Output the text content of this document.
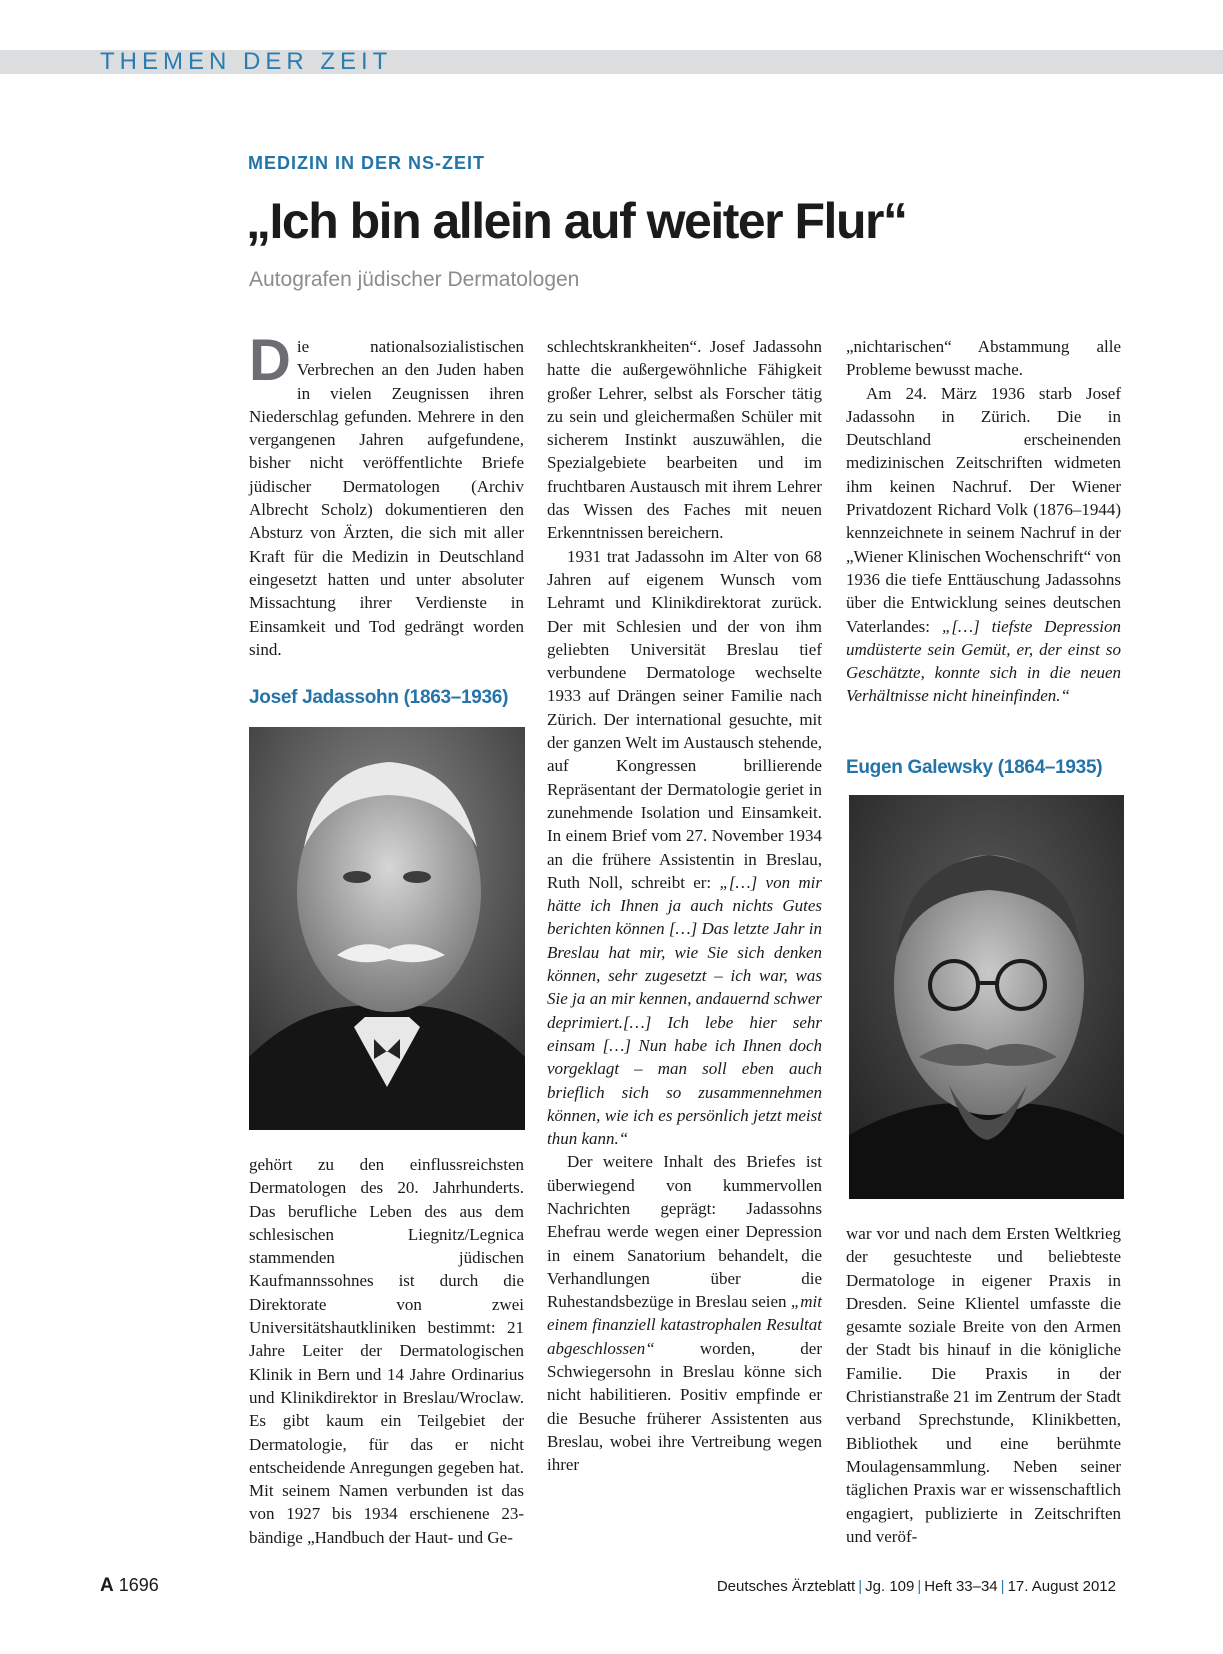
THEMEN DER ZEIT
MEDIZIN IN DER NS-ZEIT
„Ich bin allein auf weiter Flur“
Autografen jüdischer Dermatologen

Die nationalsozialistischen Verbrechen an den Juden haben in vielen Zeugnissen ihren Niederschlag gefunden. Mehrere in den vergangenen Jahren aufgefundene, bisher nicht veröffentlichte Briefe jüdischer Dermatologen (Archiv Albrecht Scholz) dokumentieren den Absturz von Ärzten, die sich mit aller Kraft für die Medizin in Deutschland eingesetzt hatten und unter absoluter Missachtung ihrer Verdienste in Einsamkeit und Tod gedrängt worden sind.

Josef Jadassohn (1863–1936)

gehört zu den einflussreichsten Dermatologen des 20. Jahrhunderts. Das berufliche Leben des aus dem schlesischen Liegnitz/Legnica stammenden jüdischen Kaufmannssohnes ist durch die Direktorate von zwei Universitätshautkliniken bestimmt: 21 Jahre Leiter der Dermatologischen Klinik in Bern und 14 Jahre Ordinarius und Klinikdirektor in Breslau/Wroclaw. Es gibt kaum ein Teilgebiet der Dermatologie, für das er nicht entscheidende Anregungen gegeben hat. Mit seinem Namen verbunden ist das von 1927 bis 1934 erschienene 23-bändige „Handbuch der Haut- und Ge-

schlechtskrankheiten“. Josef Jadassohn hatte die außergewöhnliche Fähigkeit großer Lehrer, selbst als Forscher tätig zu sein und gleichermaßen Schüler mit sicherem Instinkt auszuwählen, die Spezialgebiete bearbeiten und im fruchtbaren Austausch mit ihrem Lehrer das Wissen des Faches mit neuen Erkenntnissen bereichern.

1931 trat Jadassohn im Alter von 68 Jahren auf eigenem Wunsch vom Lehramt und Klinikdirektorat zurück. Der mit Schlesien und der von ihm geliebten Universität Breslau tief verbundene Dermatologe wechselte 1933 auf Drängen seiner Familie nach Zürich. Der international gesuchte, mit der ganzen Welt im Austausch stehende, auf Kongressen brillierende Repräsentant der Dermatologie geriet in zunehmende Isolation und Einsamkeit. In einem Brief vom 27. November 1934 an die frühere Assistentin in Breslau, Ruth Noll, schreibt er: „[…] von mir hätte ich Ihnen ja auch nichts Gutes berichten können […] Das letzte Jahr in Breslau hat mir, wie Sie sich denken können, sehr zugesetzt – ich war, was Sie ja an mir kennen, andauernd schwer deprimiert.[…] Ich lebe hier sehr einsam […] Nun habe ich Ihnen doch vorgeklagt – man soll eben auch brieflich sich so zusammennehmen können, wie ich es persönlich jetzt meist thun kann.“

Der weitere Inhalt des Briefes ist überwiegend von kummervollen Nachrichten geprägt: Jadassohns Ehefrau werde wegen einer Depression in einem Sanatorium behandelt, die Verhandlungen über die Ruhestandsbezüge in Breslau seien „mit einem finanziell katastrophalen Resultat abgeschlossen“ worden, der Schwiegersohn in Breslau könne sich nicht habilitieren. Positiv empfinde er die Besuche früherer Assistenten aus Breslau, wobei ihre Vertreibung wegen ihrer

„nichtarischen“ Abstammung alle Probleme bewusst mache.

Am 24. März 1936 starb Josef Jadassohn in Zürich. Die in Deutschland erscheinenden medizinischen Zeitschriften widmeten ihm keinen Nachruf. Der Wiener Privatdozent Richard Volk (1876–1944) kennzeichnete in seinem Nachruf in der „Wiener Klinischen Wochenschrift“ von 1936 die tiefe Enttäuschung Jadassohns über die Entwicklung seines deutschen Vaterlandes: „[…] tiefste Depression umdüsterte sein Gemüt, er, der einst so Geschätzte, konnte sich in die neuen Verhältnisse nicht hineinfinden.“

Eugen Galewsky (1864–1935)

war vor und nach dem Ersten Weltkrieg der gesuchteste und beliebteste Dermatologe in eigener Praxis in Dresden. Seine Klientel umfasste die gesamte soziale Breite von den Armen der Stadt bis hinauf in die königliche Familie. Die Praxis in der Christianstraße 21 im Zentrum der Stadt verband Sprechstunde, Klinikbetten, Bibliothek und eine berühmte Moulagensammlung. Neben seiner täglichen Praxis war er wissenschaftlich engagiert, publizierte in Zeitschriften und veröf-

A 1696	Deutsches Ärzteblatt | Jg. 109 | Heft 33–34 | 17. August 2012
